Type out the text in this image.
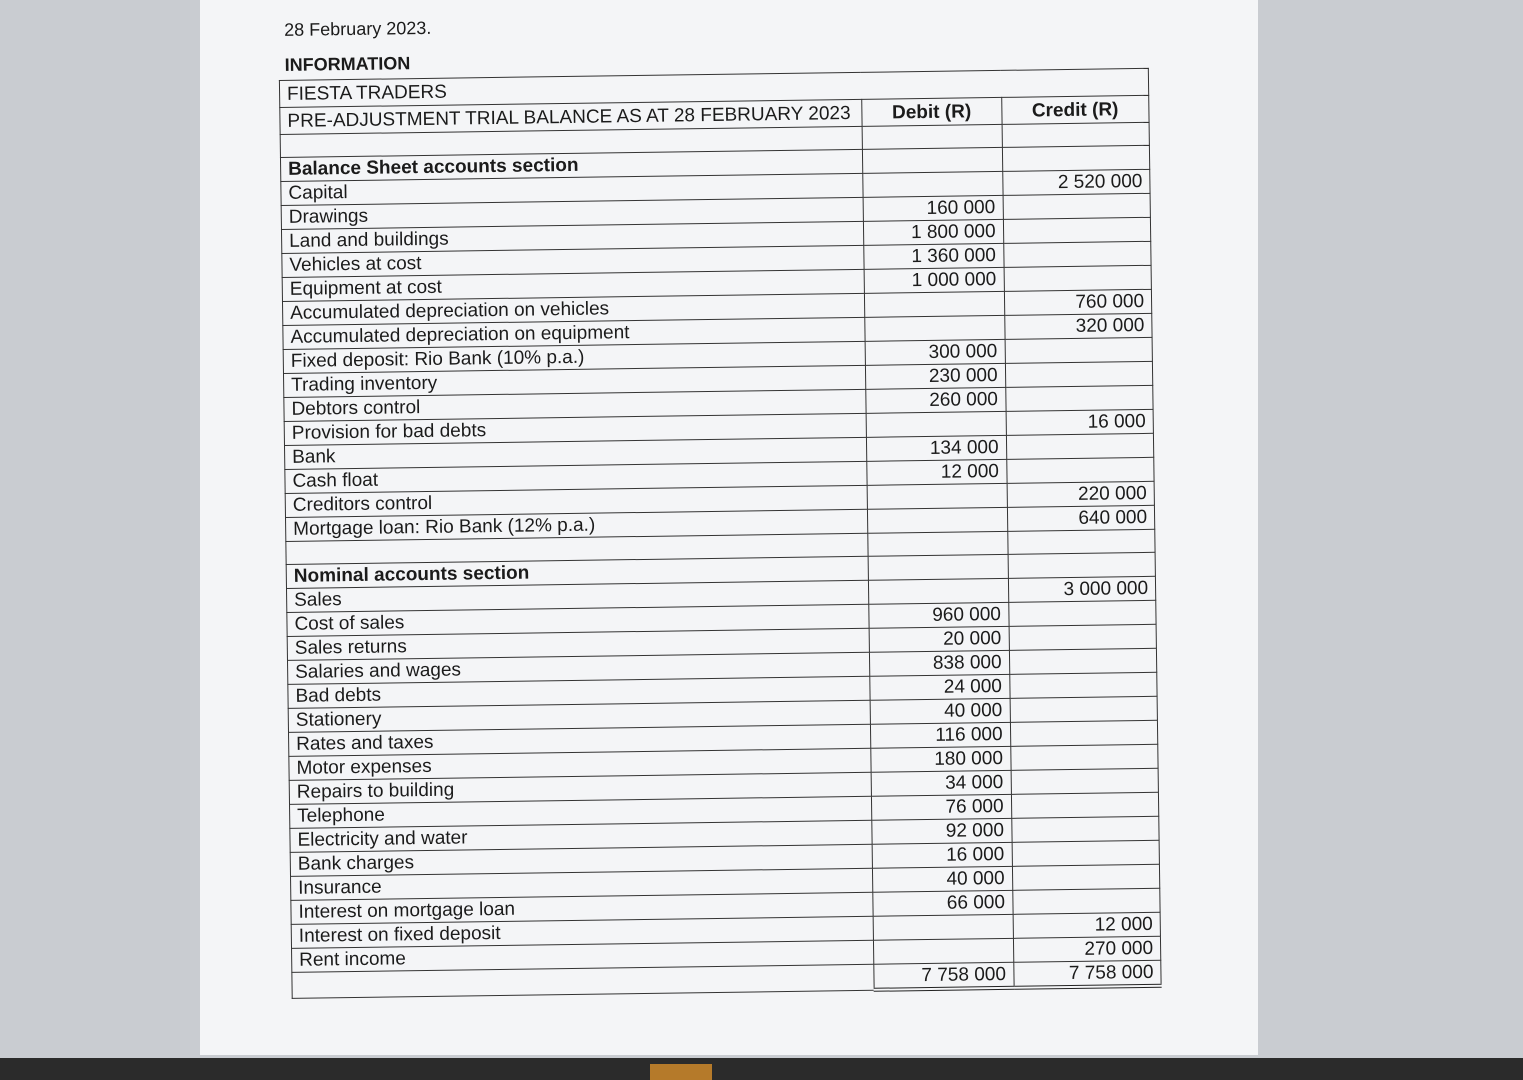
28 February 2023.
INFORMATION
FIESTA TRADERS		
PRE-ADJUSTMENT TRIAL BALANCE AS AT 28 FEBRUARY 2023	Debit (R)	Credit (R)

Balance Sheet accounts section		
Capital		2 520 000
Drawings	160 000	
Land and buildings	1 800 000	
Vehicles at cost	1 360 000	
Equipment at cost	1 000 000	
Accumulated depreciation on vehicles		760 000
Accumulated depreciation on equipment		320 000
Fixed deposit: Rio Bank (10% p.a.)	300 000	
Trading inventory	230 000	
Debtors control	260 000	
Provision for bad debts		16 000
Bank	134 000	
Cash float	12 000	
Creditors control		220 000
Mortgage loan: Rio Bank (12% p.a.)		640 000

Nominal accounts section		
Sales		3 000 000
Cost of sales	960 000	
Sales returns	20 000	
Salaries and wages	838 000	
Bad debts	24 000	
Stationery	40 000	
Rates and taxes	116 000	
Motor expenses	180 000	
Repairs to building	34 000	
Telephone	76 000	
Electricity and water	92 000	
Bank charges	16 000	
Insurance	40 000	
Interest on mortgage loan	66 000	
Interest on fixed deposit		12 000
Rent income		270 000
	7 758 000	7 758 000
